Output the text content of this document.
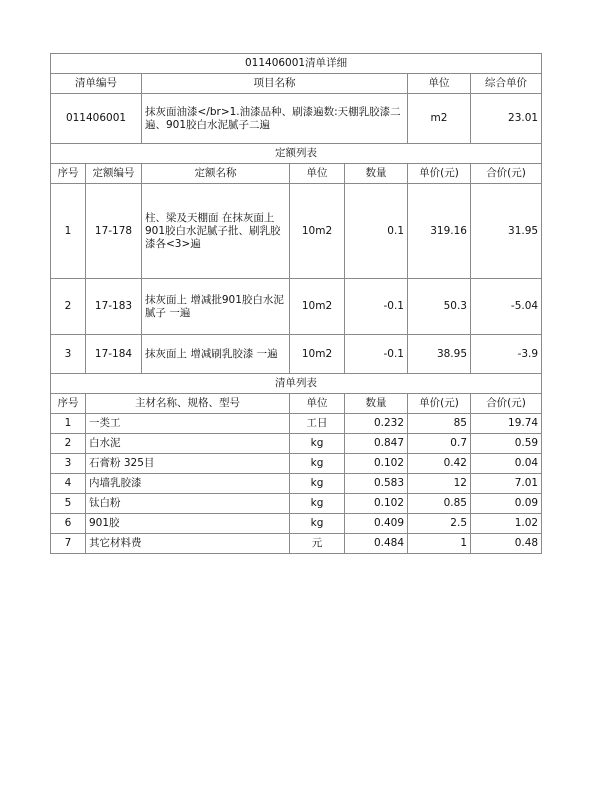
011406001清单详细						
清单编号		项目名称			单位	综合单价
011406001		抹灰面油漆</br>1.油漆品种、刷漆遍数:天棚乳胶漆二遍、901胶白水泥腻子二遍			m2	23.01
定额列表						
序号	定额编号	定额名称	单位	数量	单价(元)	合价(元)
1	17-178	柱、梁及天棚面 在抹灰面上 901胶白水泥腻子批、刷乳胶漆各<3>遍	10m2	0.1	319.16	31.95
2	17-183	抹灰面上 增减批901胶白水泥腻子 一遍	10m2	-0.1	50.3	-5.04
3	17-184	抹灰面上 增减刷乳胶漆 一遍	10m2	-0.1	38.95	-3.9
清单列表						
序号	主材名称、规格、型号		单位	数量	单价(元)	合价(元)
1	一类工		工日	0.232	85	19.74
2	白水泥		kg	0.847	0.7	0.59
3	石膏粉 325目		kg	0.102	0.42	0.04
4	内墙乳胶漆		kg	0.583	12	7.01
5	钛白粉		kg	0.102	0.85	0.09
6	901胶		kg	0.409	2.5	1.02
7	其它材料费		元	0.484	1	0.48
